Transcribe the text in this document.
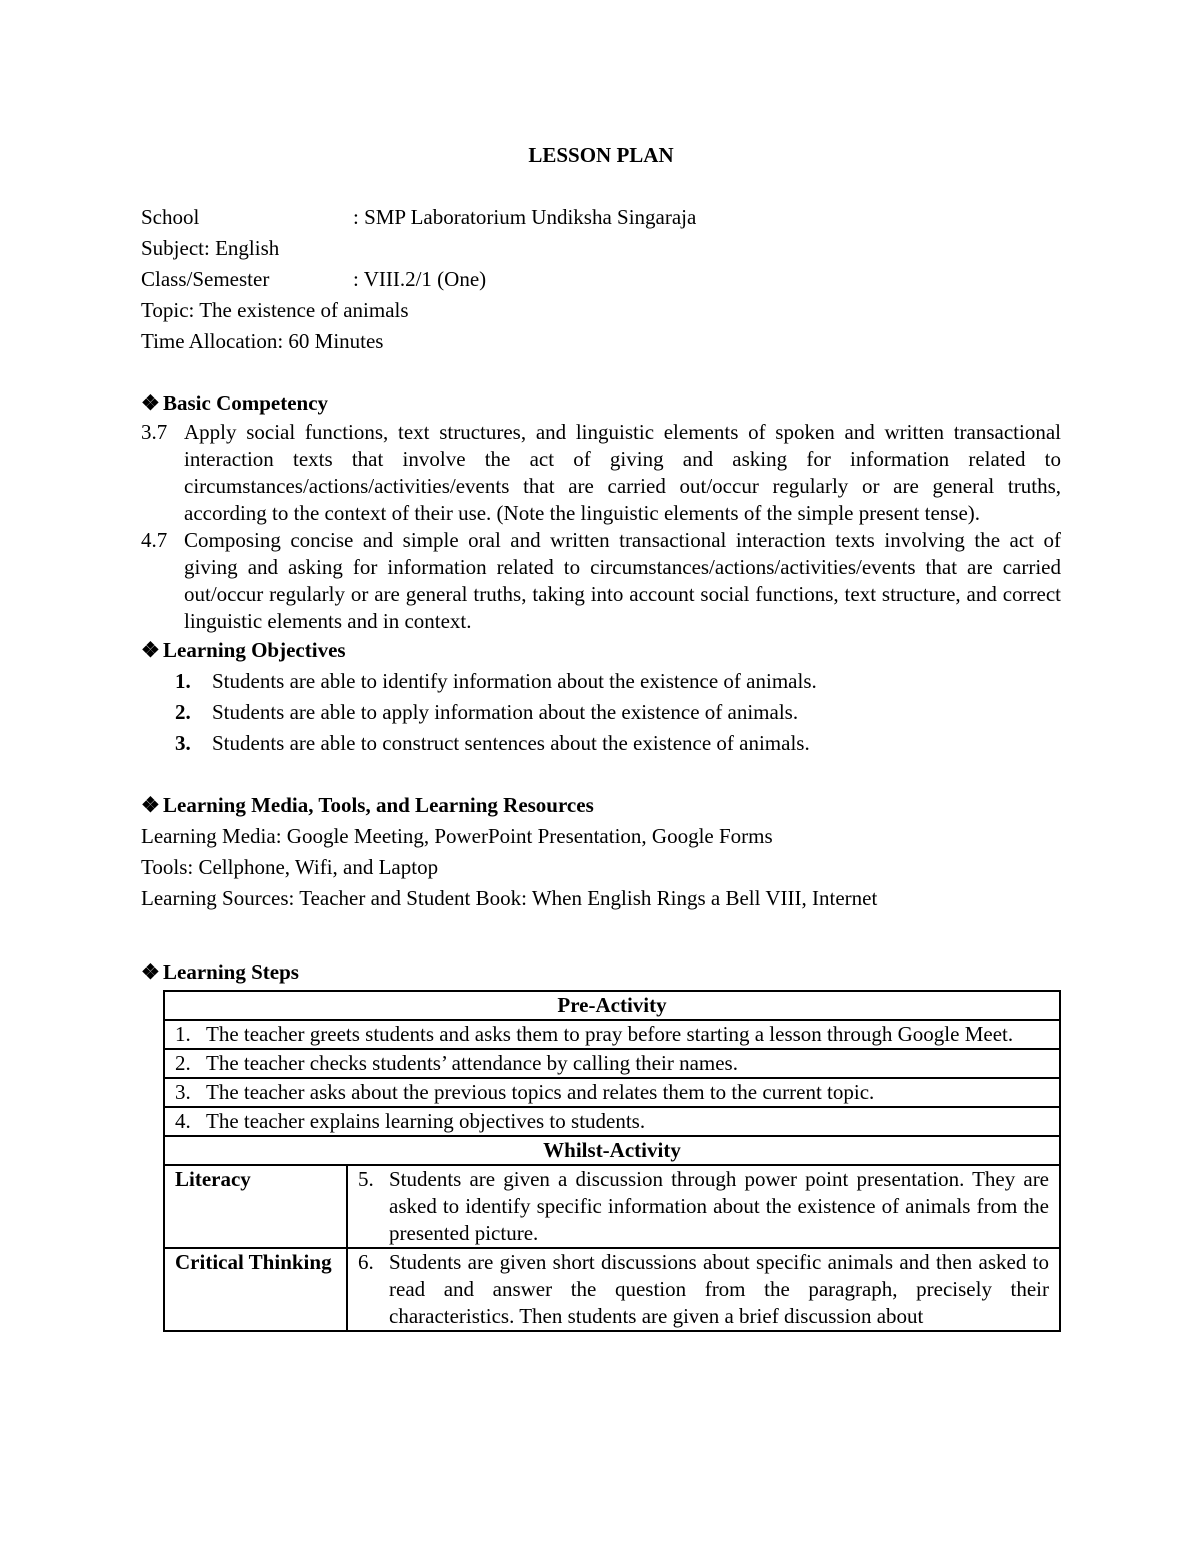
LESSON PLAN
School	: SMP Laboratorium Undiksha Singaraja
Subject: English
Class/Semester	: VIII.2/1 (One)
Topic: The existence of animals
Time Allocation: 60 Minutes
❖ Basic Competency
3.7 Apply social functions, text structures, and linguistic elements of spoken and written transactional interaction texts that involve the act of giving and asking for information related to circumstances/actions/activities/events that are carried out/occur regularly or are general truths, according to the context of their use. (Note the linguistic elements of the simple present tense).
4.7 Composing concise and simple oral and written transactional interaction texts involving the act of giving and asking for information related to circumstances/actions/activities/events that are carried out/occur regularly or are general truths, taking into account social functions, text structure, and correct linguistic elements and in context.
❖ Learning Objectives
1. Students are able to identify information about the existence of animals.
2. Students are able to apply information about the existence of animals.
3. Students are able to construct sentences about the existence of animals.
❖ Learning Media, Tools, and Learning Resources
Learning Media: Google Meeting, PowerPoint Presentation, Google Forms
Tools: Cellphone, Wifi, and Laptop
Learning Sources: Teacher and Student Book: When English Rings a Bell VIII, Internet
❖ Learning Steps
Pre-Activity	

1. The teacher greets students and asks them to pray before starting a lesson through Google Meet.	

2. The teacher checks students’ attendance by calling their names.	

3. The teacher asks about the previous topics and relates them to the current topic.	

4. The teacher explains learning objectives to students.	

Whilst-Activity	
Literacy	5. Students are given a discussion through power point presentation. They are asked to identify specific information about the existence of animals from the presented picture.

Critical Thinking	6. Students are given short discussions about specific animals and then asked to read and answer the question from the paragraph, precisely their characteristics. Then students are given a brief discussion about
